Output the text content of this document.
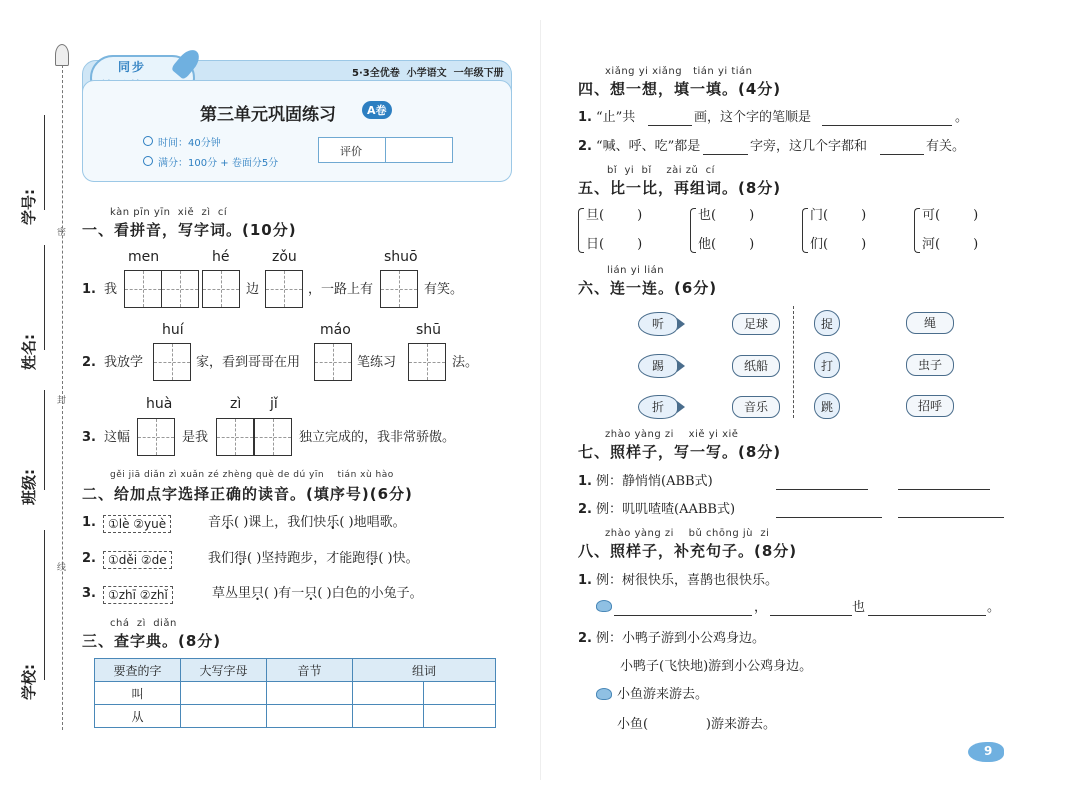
密
封
线
学号:
姓名:
班级:
学校:
同步	5·3全优卷  小学语文  一年级下册
第三单元巩固练习	A卷
时间：40分钟
满分：100分 + 卷面分5分
评价
kàn pīn yīn  xiě  zì  cí
一、看拼音，写字词。(10分)
men	hé	zǒu	shuō
1. 我	边	，一路上有	有笑。
huí	máo	shū
2. 我放学	家，看到哥哥在用	笔练习	法。
huà	zì jǐ
3. 这幅	是我	独立完成的，我非常骄傲。
gěi jiā diǎn zì xuǎn zé zhèng què de dú yīn    tián xù hào
二、给加点字选择正确的读音。(填序号)(6分)
1.	①lè ②yuè	音乐( )课上，我们快乐( )地唱歌。
2.	①děi ②de	我们得( )坚持跑步，才能跑得( )快。
3.	①zhī ②zhǐ	草丛里只( )有一只( )白色的小兔子。
chá  zì  diǎn
三、查字典。(8分)
要查的字	大写字母	音节	组词	
叫				
从				
xiǎng yi xiǎng   tián yi tián
四、想一想，填一填。(4分)
1. “止”共	画，这个字的笔顺是	。
2. “喊、呼、吃”都是	字旁，这几个字都和	有关。
bǐ  yi  bǐ    zài zǔ  cí
五、比一比，再组词。(8分)
旦(        )
日(        )
也(        )
他(        )
门(        )
们(        )
可(        )
河(        )
lián yi lián
六、连一连。(6分)
听
踢
折
足球
纸船
音乐
捉
打
跳
绳
虫子
招呼
zhào yàng zi    xiě yi xiě
七、照样子，写一写。(8分)
1. 例：静悄悄(ABB式)
2. 例：叽叽喳喳(AABB式)
zhào yàng zi    bǔ chōng jù  zi
八、照样子，补充句子。(8分)
1. 例：树很快乐，喜鹊也很快乐。
，	也	。
2. 例：小鸭子游到小公鸡身边。
小鸭子(飞快地)游到小公鸡身边。
小鱼游来游去。
小鱼(              )游来游去。
9
